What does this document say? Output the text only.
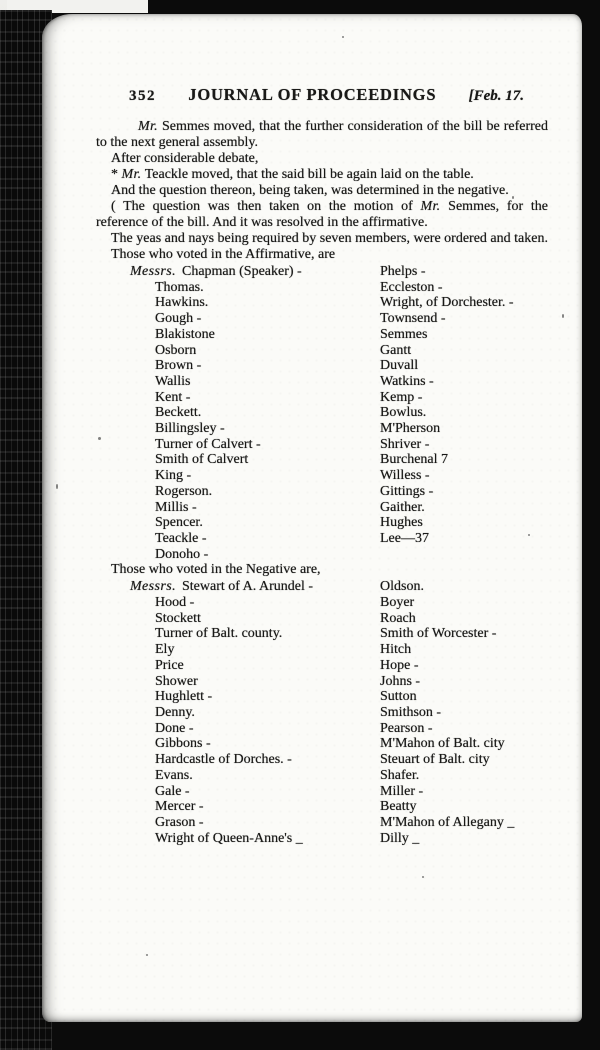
352	JOURNAL OF PROCEEDINGS	[Feb. 17.

Mr. Semmes moved, that the further consideration of the bill be referred to the next general assembly.

After considerable debate,

* Mr. Teackle moved, that the said bill be again laid on the table.

And the question thereon, being taken, was determined in the negative.

( The question was then taken on the motion of Mr. Semmes, for the reference of the bill. And it was resolved in the affirmative.

The yeas and nays being required by seven members, were ordered and taken.

Those who voted in the Affirmative, are
Messrs. Chapman (Speaker) -	Phelps -
Thomas.	Eccleston -
Hawkins.	Wright, of Dorchester. -
Gough -	Townsend -
Blakistone	Semmes
Osborn	Gantt
Brown -	Duvall
Wallis	Watkins -
Kent -	Kemp -
Beckett.	Bowlus.
Billingsley -	M'Pherson
Turner of Calvert -	Shriver -
Smith of Calvert	Burchenal 7
King -	Willess -
Rogerson.	Gittings -
Millis -	Gaither.
Spencer.	Hughes
Teackle -	Lee—37
Donoho -
Those who voted in the Negative are,
Messrs. Stewart of A. Arundel -	Oldson.
Hood -	Boyer
Stockett	Roach
Turner of Balt. county.	Smith of Worcester -
Ely	Hitch
Price	Hope -
Shower	Johns -
Hughlett -	Sutton
Denny.	Smithson -
Done -	Pearson -
Gibbons -	M'Mahon of Balt. city
Hardcastle of Dorches. -	Steuart of Balt. city
Evans.	Shafer.
Gale -	Miller -
Mercer -	Beatty
Grason -	M'Mahon of Allegany _
Wright of Queen-Anne's _	Dilly _
